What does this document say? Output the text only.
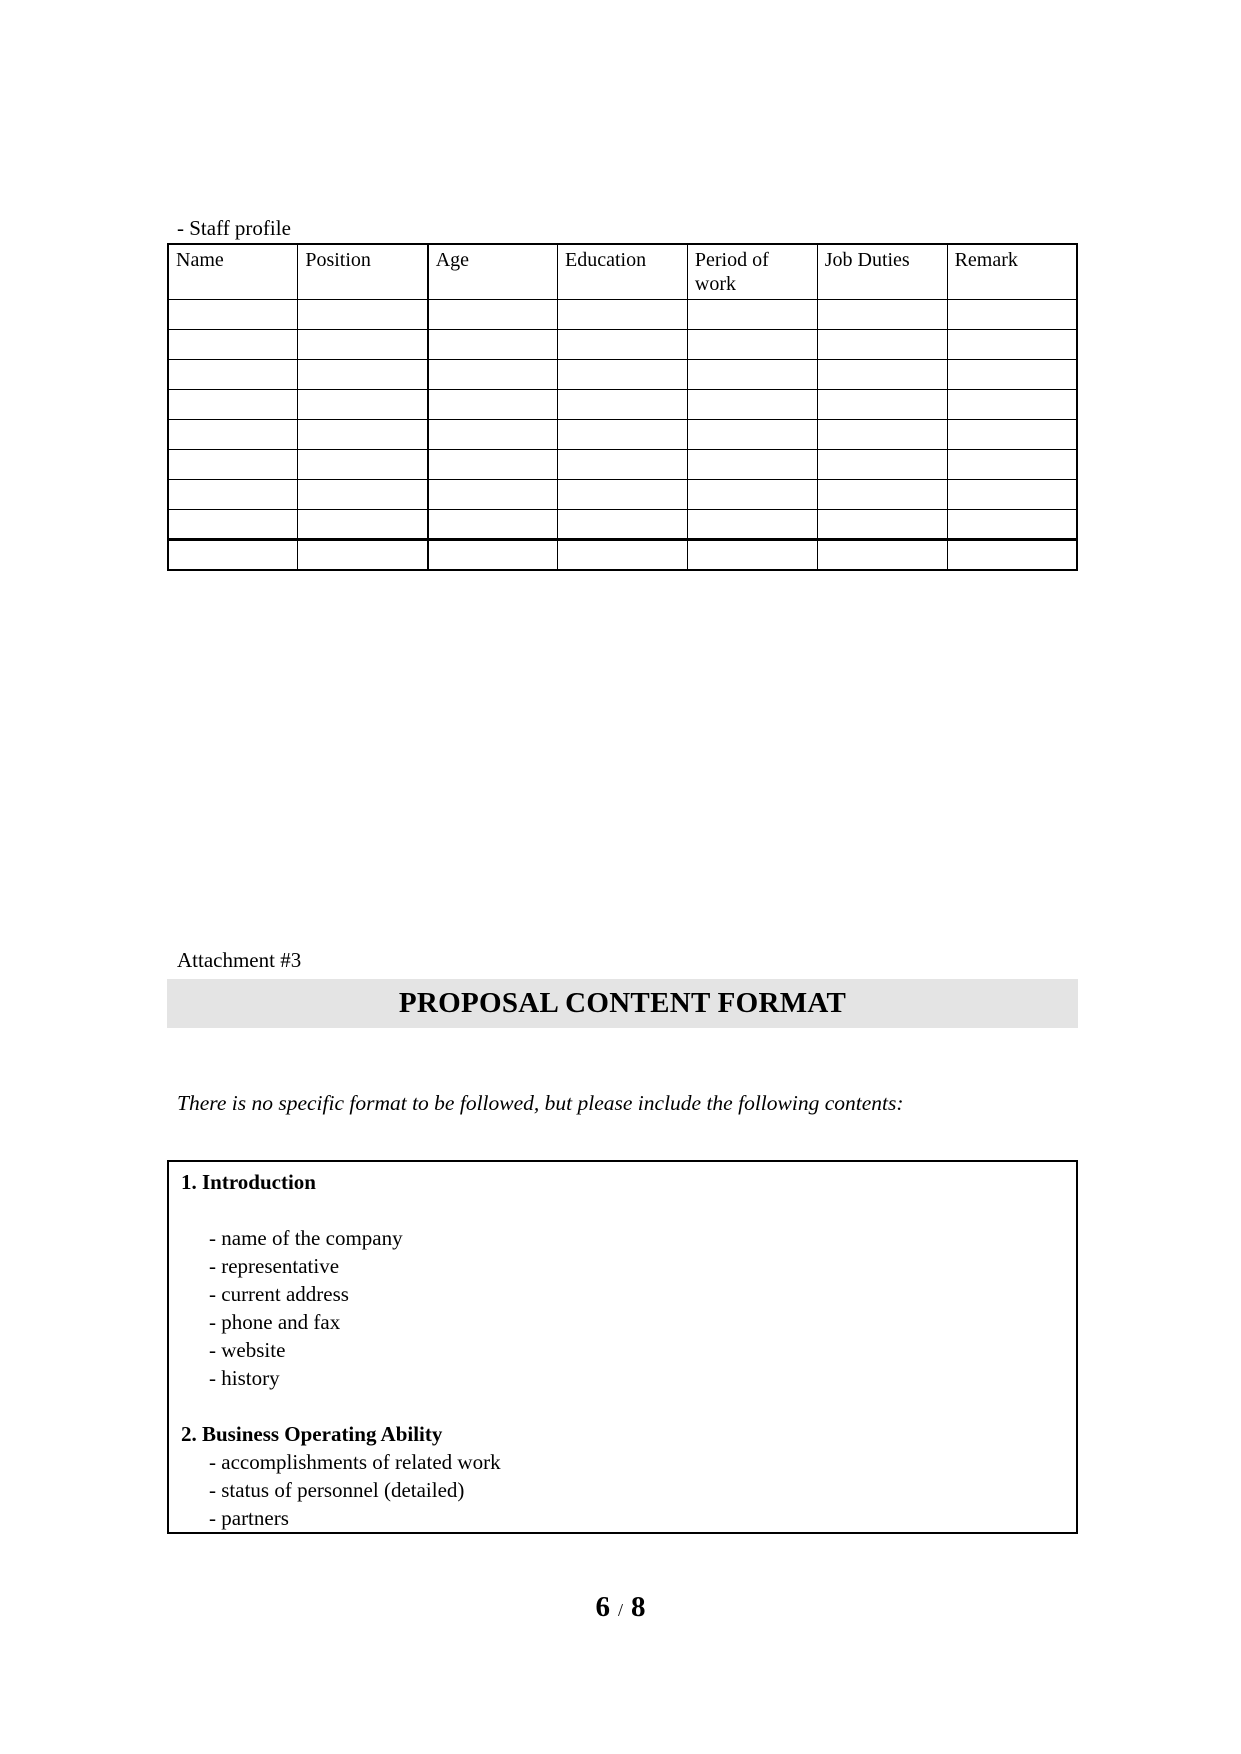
- Staff profile
Name	Position	Age	Education	Period of work	Job Duties	Remark

Attachment #3
PROPOSAL CONTENT FORMAT
There is no specific format to be followed, but please include the following contents:
1. Introduction
- name of the company
- representative
- current address
- phone and fax
- website
- history
2. Business Operating Ability
- accomplishments of related work
- status of personnel (detailed)
- partners
6 / 8
